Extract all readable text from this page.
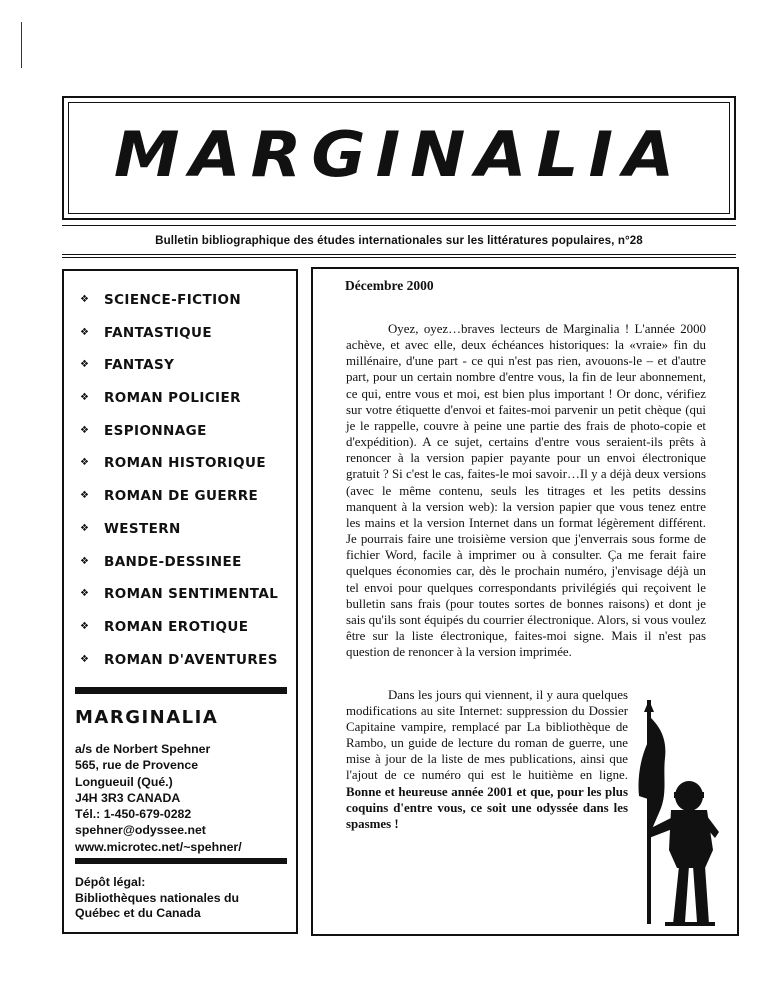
MARGINALIA
Bulletin bibliographique des études internationales sur les littératures populaires, n°28
❖ SCIENCE-FICTION
❖ FANTASTIQUE
❖ FANTASY
❖ ROMAN POLICIER
❖ ESPIONNAGE
❖ ROMAN HISTORIQUE
❖ ROMAN DE GUERRE
❖ WESTERN
❖ BANDE-DESSINEE
❖ ROMAN SENTIMENTAL
❖ ROMAN EROTIQUE
❖ ROMAN D'AVENTURES
MARGINALIA
a/s de Norbert Spehner
565, rue de Provence
Longueuil (Qué.)
J4H 3R3 CANADA
Tél.: 1-450-679-0282
spehner@odyssee.net
www.microtec.net/~spehner/
Dépôt légal:
Bibliothèques nationales du
Québec et du Canada
Décembre 2000

Oyez, oyez…braves lecteurs de Marginalia ! L'année 2000 achève, et avec elle, deux échéances historiques: la «vraie» fin du millénaire, d'une part - ce qui n'est pas rien, avouons-le – et d'autre part, pour un certain nombre d'entre vous, la fin de leur abonnement, ce qui, entre vous et moi, est bien plus important ! Or donc, vérifiez sur votre étiquette d'envoi et faites-moi parvenir un petit chèque (qui je le rappelle, couvre à peine une partie des frais de photo-copie et d'expédition). A ce sujet, certains d'entre vous seraient-ils prêts à renoncer à la version papier payante pour un envoi électronique gratuit ? Si c'est le cas, faites-le moi savoir…Il y a déjà deux versions (avec le même contenu, seuls les titrages et les petits dessins manquent à la version web): la version papier que vous tenez entre les mains et la version Internet dans un format légèrement différent. Je pourrais faire une troisième version que j'enverrais sous forme de fichier Word, facile à imprimer ou à consulter. Ça me ferait faire quelques économies car, dès le prochain numéro, j'envisage déjà un tel envoi pour quelques correspondants privilégiés qui reçoivent le bulletin sans frais (pour toutes sortes de bonnes raisons) et dont je sais qu'ils sont équipés du courrier électronique. Alors, si vous voulez être sur la liste électronique, faites-moi signe. Mais il n'est pas question de renoncer à la version imprimée.

Dans les jours qui viennent, il y aura quelques modifications au site Internet: suppression du Dossier Capitaine vampire, remplacé par La bibliothèque de Rambo, un guide de lecture du roman de guerre, une mise à jour de la liste de mes publications, ainsi que l'ajout de ce numéro qui est le huitième en ligne. Bonne et heureuse année 2001 et que, pour les plus coquins d'entre vous, ce soit une odyssée dans les spasmes !
